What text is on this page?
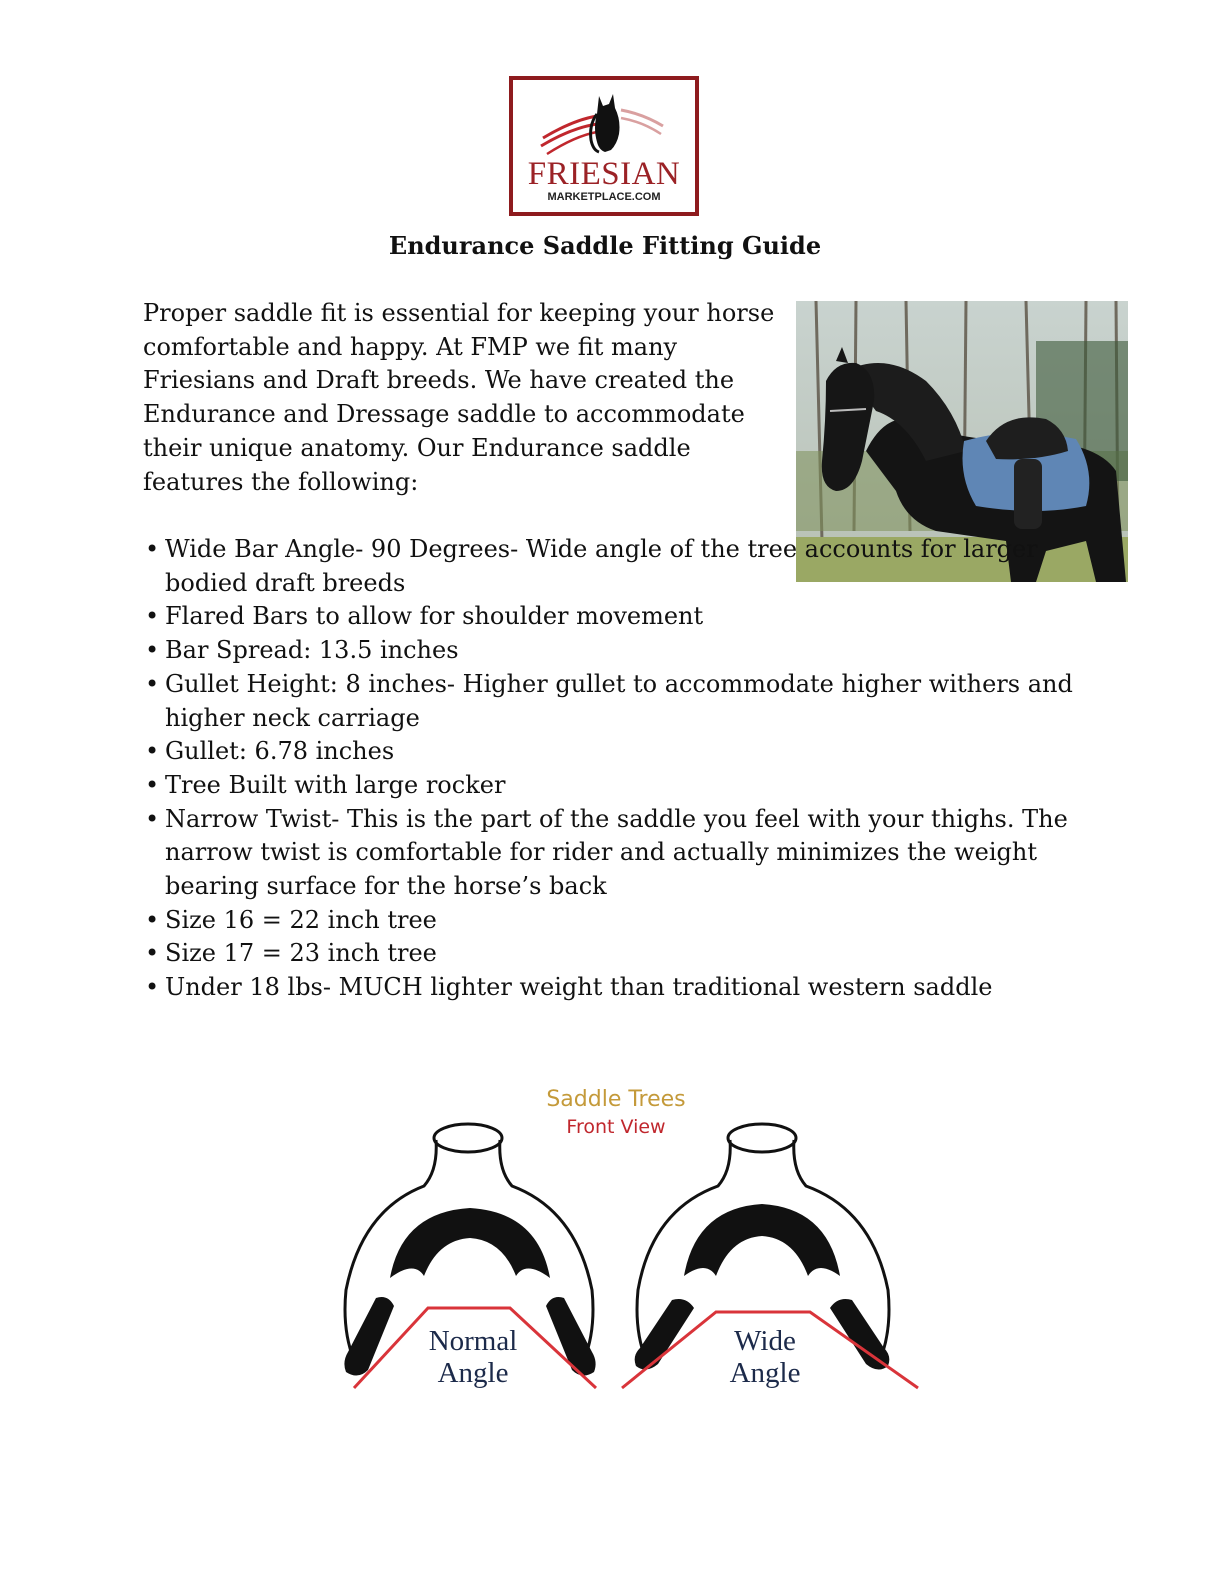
FRIESIAN
MARKETPLACE.COM
Endurance Saddle Fitting Guide

Proper saddle fit is essential for keeping your horse comfortable and happy. At FMP we fit many Friesians and Draft breeds. We have created the Endurance and Dressage saddle to accommodate their unique anatomy. Our Endurance saddle features the following:

• Wide Bar Angle- 90 Degrees- Wide angle of the tree accounts for larger bodied draft breeds
• Flared Bars to allow for shoulder movement
• Bar Spread: 13.5 inches
• Gullet Height: 8 inches- Higher gullet to accommodate higher withers and higher neck carriage
• Gullet: 6.78 inches
• Tree Built with large rocker
• Narrow Twist- This is the part of the saddle you feel with your thighs. The narrow twist is comfortable for rider and actually minimizes the weight bearing surface for the horse’s back
• Size 16 = 22 inch tree
• Size 17 = 23 inch tree
• Under 18 lbs- MUCH lighter weight than traditional western saddle
Saddle Trees
Front View
Normal
Angle
Wide
Angle
